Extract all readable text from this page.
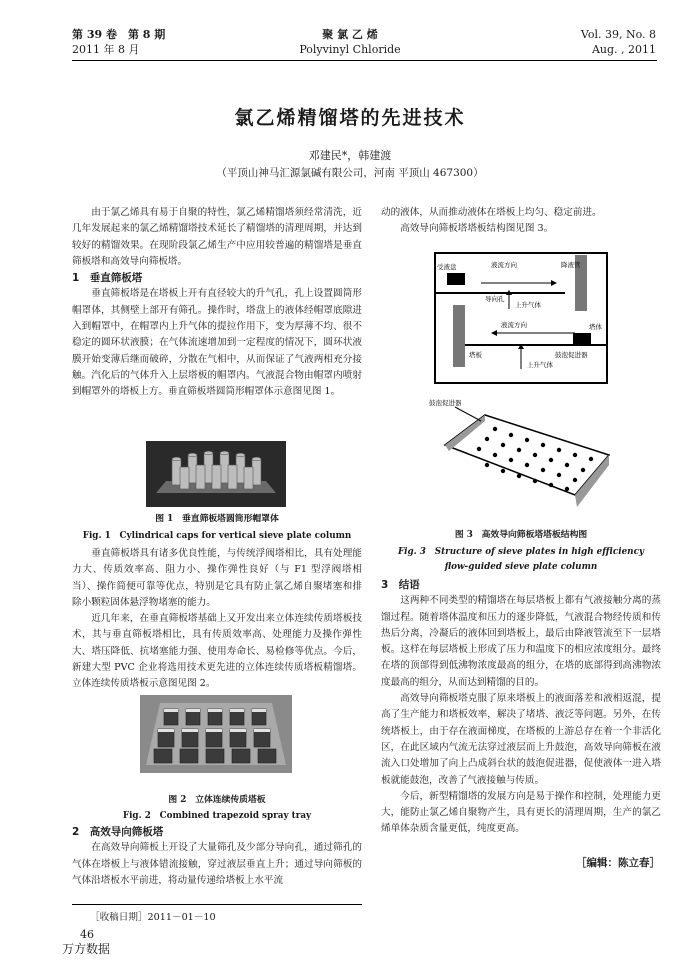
第 39 卷　第 8 期
2011 年 8 月
聚 氯 乙 烯
Polyvinyl Chloride
Vol. 39, No. 8
Aug. , 2011
氯乙烯精馏塔的先进技术
邓建民*，韩建渡
（平顶山神马汇源氯碱有限公司，河南 平顶山 467300）

由于氯乙烯具有易于自聚的特性，氯乙烯精馏塔须经常清洗，近几年发展起来的氯乙烯精馏塔技术延长了精馏塔的清理周期，并达到较好的精馏效果。在现阶段氯乙烯生产中应用较普遍的精馏塔是垂直筛板塔和高效导向筛板塔。

1　垂直筛板塔

垂直筛板塔是在塔板上开有直径较大的升气孔，孔上设置圆筒形帽罩体，其侧壁上部开有筛孔。操作时，塔盘上的液体经帽罩底隙进入到帽罩中，在帽罩内上升气体的提拉作用下，变为厚薄不均、很不稳定的圆环状液膜；在气体流速增加到一定程度的情况下，圆环状液膜开始变薄后继而破碎，分散在气相中，从而保证了气液两相充分接触。汽化后的气体升入上层塔板的帽罩内。气液混合物由帽罩内喷射到帽罩外的塔板上方。垂直筛板塔圆筒形帽罩体示意图见图 1。

图 1　垂直筛板塔圆筒形帽罩体
Fig. 1　Cylindrical caps for vertical sieve plate column

垂直筛板塔具有诸多优良性能，与传统浮阀塔相比，具有处理能力大、传质效率高、阻力小、操作弹性良好（与 F1 型浮阀塔相当）、操作简便可靠等优点，特别是它具有防止氯乙烯自聚堵塞和排除小颗粒固体悬浮物堵塞的能力。

近几年来，在垂直筛板塔基础上又开发出来立体连续传质塔板技术，其与垂直筛板塔相比，具有传质效率高、处理能力及操作弹性大、塔压降低、抗堵塞能力强、使用寿命长、易检修等优点。今后，新建大型 PVC 企业将选用技术更先进的立体连续传质塔板精馏塔。立体连续传质塔板示意图见图 2。

图 2　立体连续传质塔板
Fig. 2　Combined trapezoid spray tray

2　高效导向筛板塔

在高效导向筛板上开设了大量筛孔及少部分导向孔，通过筛孔的气体在塔板上与液体错流接触，穿过液层垂直上升；通过导向筛板的气体沿塔板水平前进，将动量传递给塔板上水平流

［收稿日期］2011－01－10
46
万方数据

动的液体，从而推动液体在塔板上均匀、稳定前进。

高效导向筛板塔塔板结构图见图 3。

受液盘	液流方向	降液管
导向孔
上升气体
液流方向	塔体
塔板	鼓泡促进器
上升气体
鼓泡促进器
图 3　高效导向筛板塔塔板结构图
Fig. 3　Structure of sieve plates in high efficiency
flow-guided sieve plate column

3　结语

这两种不同类型的精馏塔在每层塔板上都有气液接触分离的蒸馏过程。随着塔体温度和压力的逐步降低，气液混合物经传质和传热后分离，冷凝后的液体回到塔板上，最后由降液管流至下一层塔板。这样在每层塔板上形成了压力和温度下的相应浓度组分。最终在塔的顶部得到低沸物浓度最高的组分，在塔的底部得到高沸物浓度最高的组分，从而达到精馏的目的。

高效导向筛板塔克服了原来塔板上的液面落差和液相返混，提高了生产能力和塔板效率，解决了堵塔、液泛等问题。另外，在传统塔板上，由于存在液面梯度，在塔板的上游总存在着一个非活化区，在此区域内气流无法穿过液层而上升鼓泡，高效导向筛板在液流入口处增加了向上凸成斜台状的鼓泡促进器，促使液体一进入塔板就能鼓泡，改善了气液接触与传质。

今后，新型精馏塔的发展方向是易于操作和控制，处理能力更大，能防止氯乙烯自聚物产生，具有更长的清理周期，生产的氯乙烯单体杂质含量更低，纯度更高。

［编辑：陈立春］
